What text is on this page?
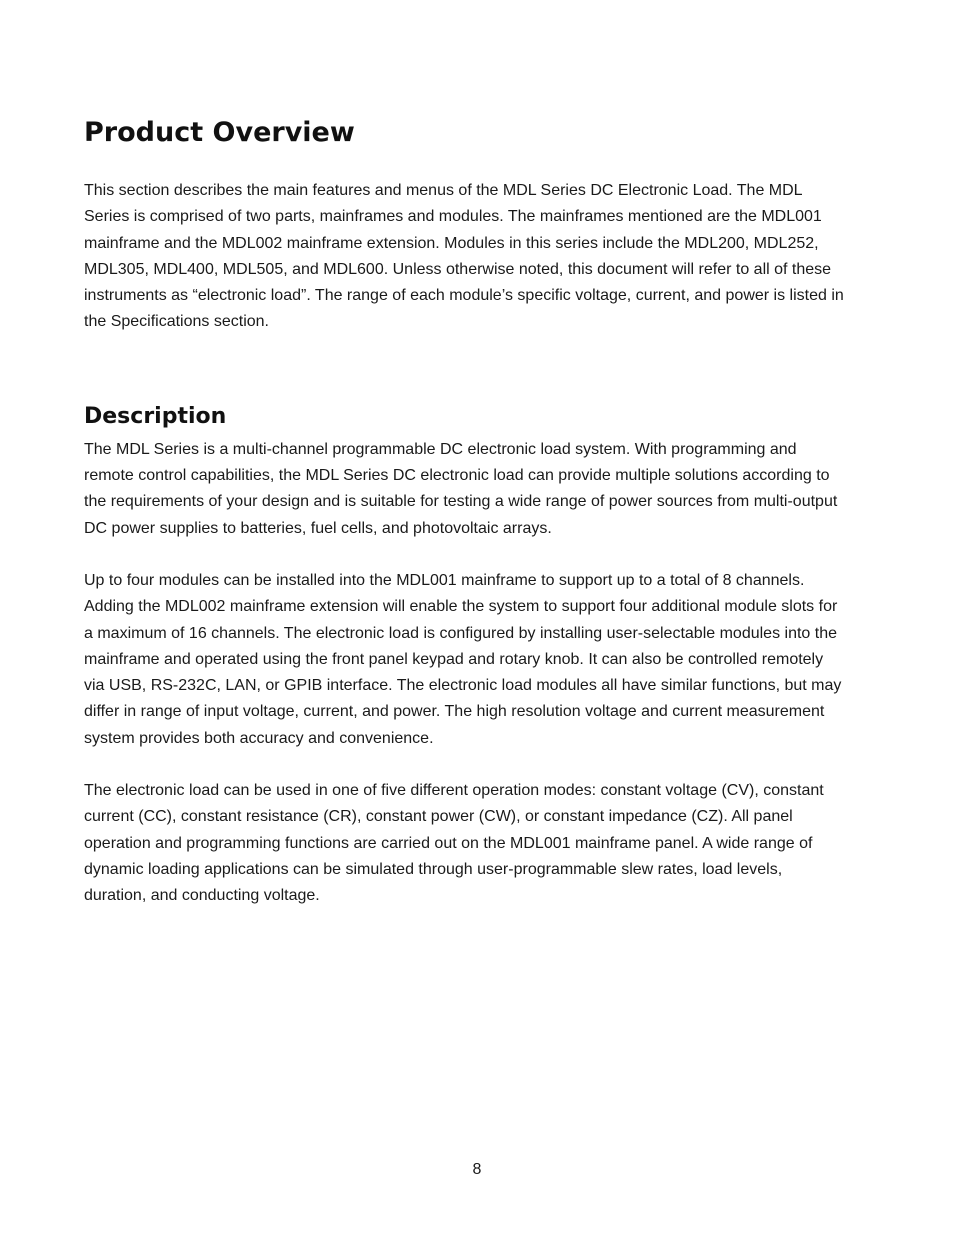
Product Overview

This section describes the main features and menus of the MDL Series DC Electronic Load. The MDL Series is comprised of two parts, mainframes and modules. The mainframes mentioned are the MDL001 mainframe and the MDL002 mainframe extension. Modules in this series include the MDL200, MDL252, MDL305, MDL400, MDL505, and MDL600. Unless otherwise noted, this document will refer to all of these instruments as “electronic load”. The range of each module’s specific voltage, current, and power is listed in the Specifications section.

Description

The MDL Series is a multi-channel programmable DC electronic load system. With programming and remote control capabilities, the MDL Series DC electronic load can provide multiple solutions according to the requirements of your design and is suitable for testing a wide range of power sources from multi-output DC power supplies to batteries, fuel cells, and photovoltaic arrays.

Up to four modules can be installed into the MDL001 mainframe to support up to a total of 8 channels. Adding the MDL002 mainframe extension will enable the system to support four additional module slots for a maximum of 16 channels. The electronic load is configured by installing user-selectable modules into the mainframe and operated using the front panel keypad and rotary knob. It can also be controlled remotely via USB, RS-232C, LAN, or GPIB interface. The electronic load modules all have similar functions, but may differ in range of input voltage, current, and power. The high resolution voltage and current measurement system provides both accuracy and convenience.

The electronic load can be used in one of five different operation modes: constant voltage (CV), constant current (CC), constant resistance (CR), constant power (CW), or constant impedance (CZ). All panel operation and programming functions are carried out on the MDL001 mainframe panel. A wide range of dynamic loading applications can be simulated through user-programmable slew rates, load levels, duration, and conducting voltage.

8
